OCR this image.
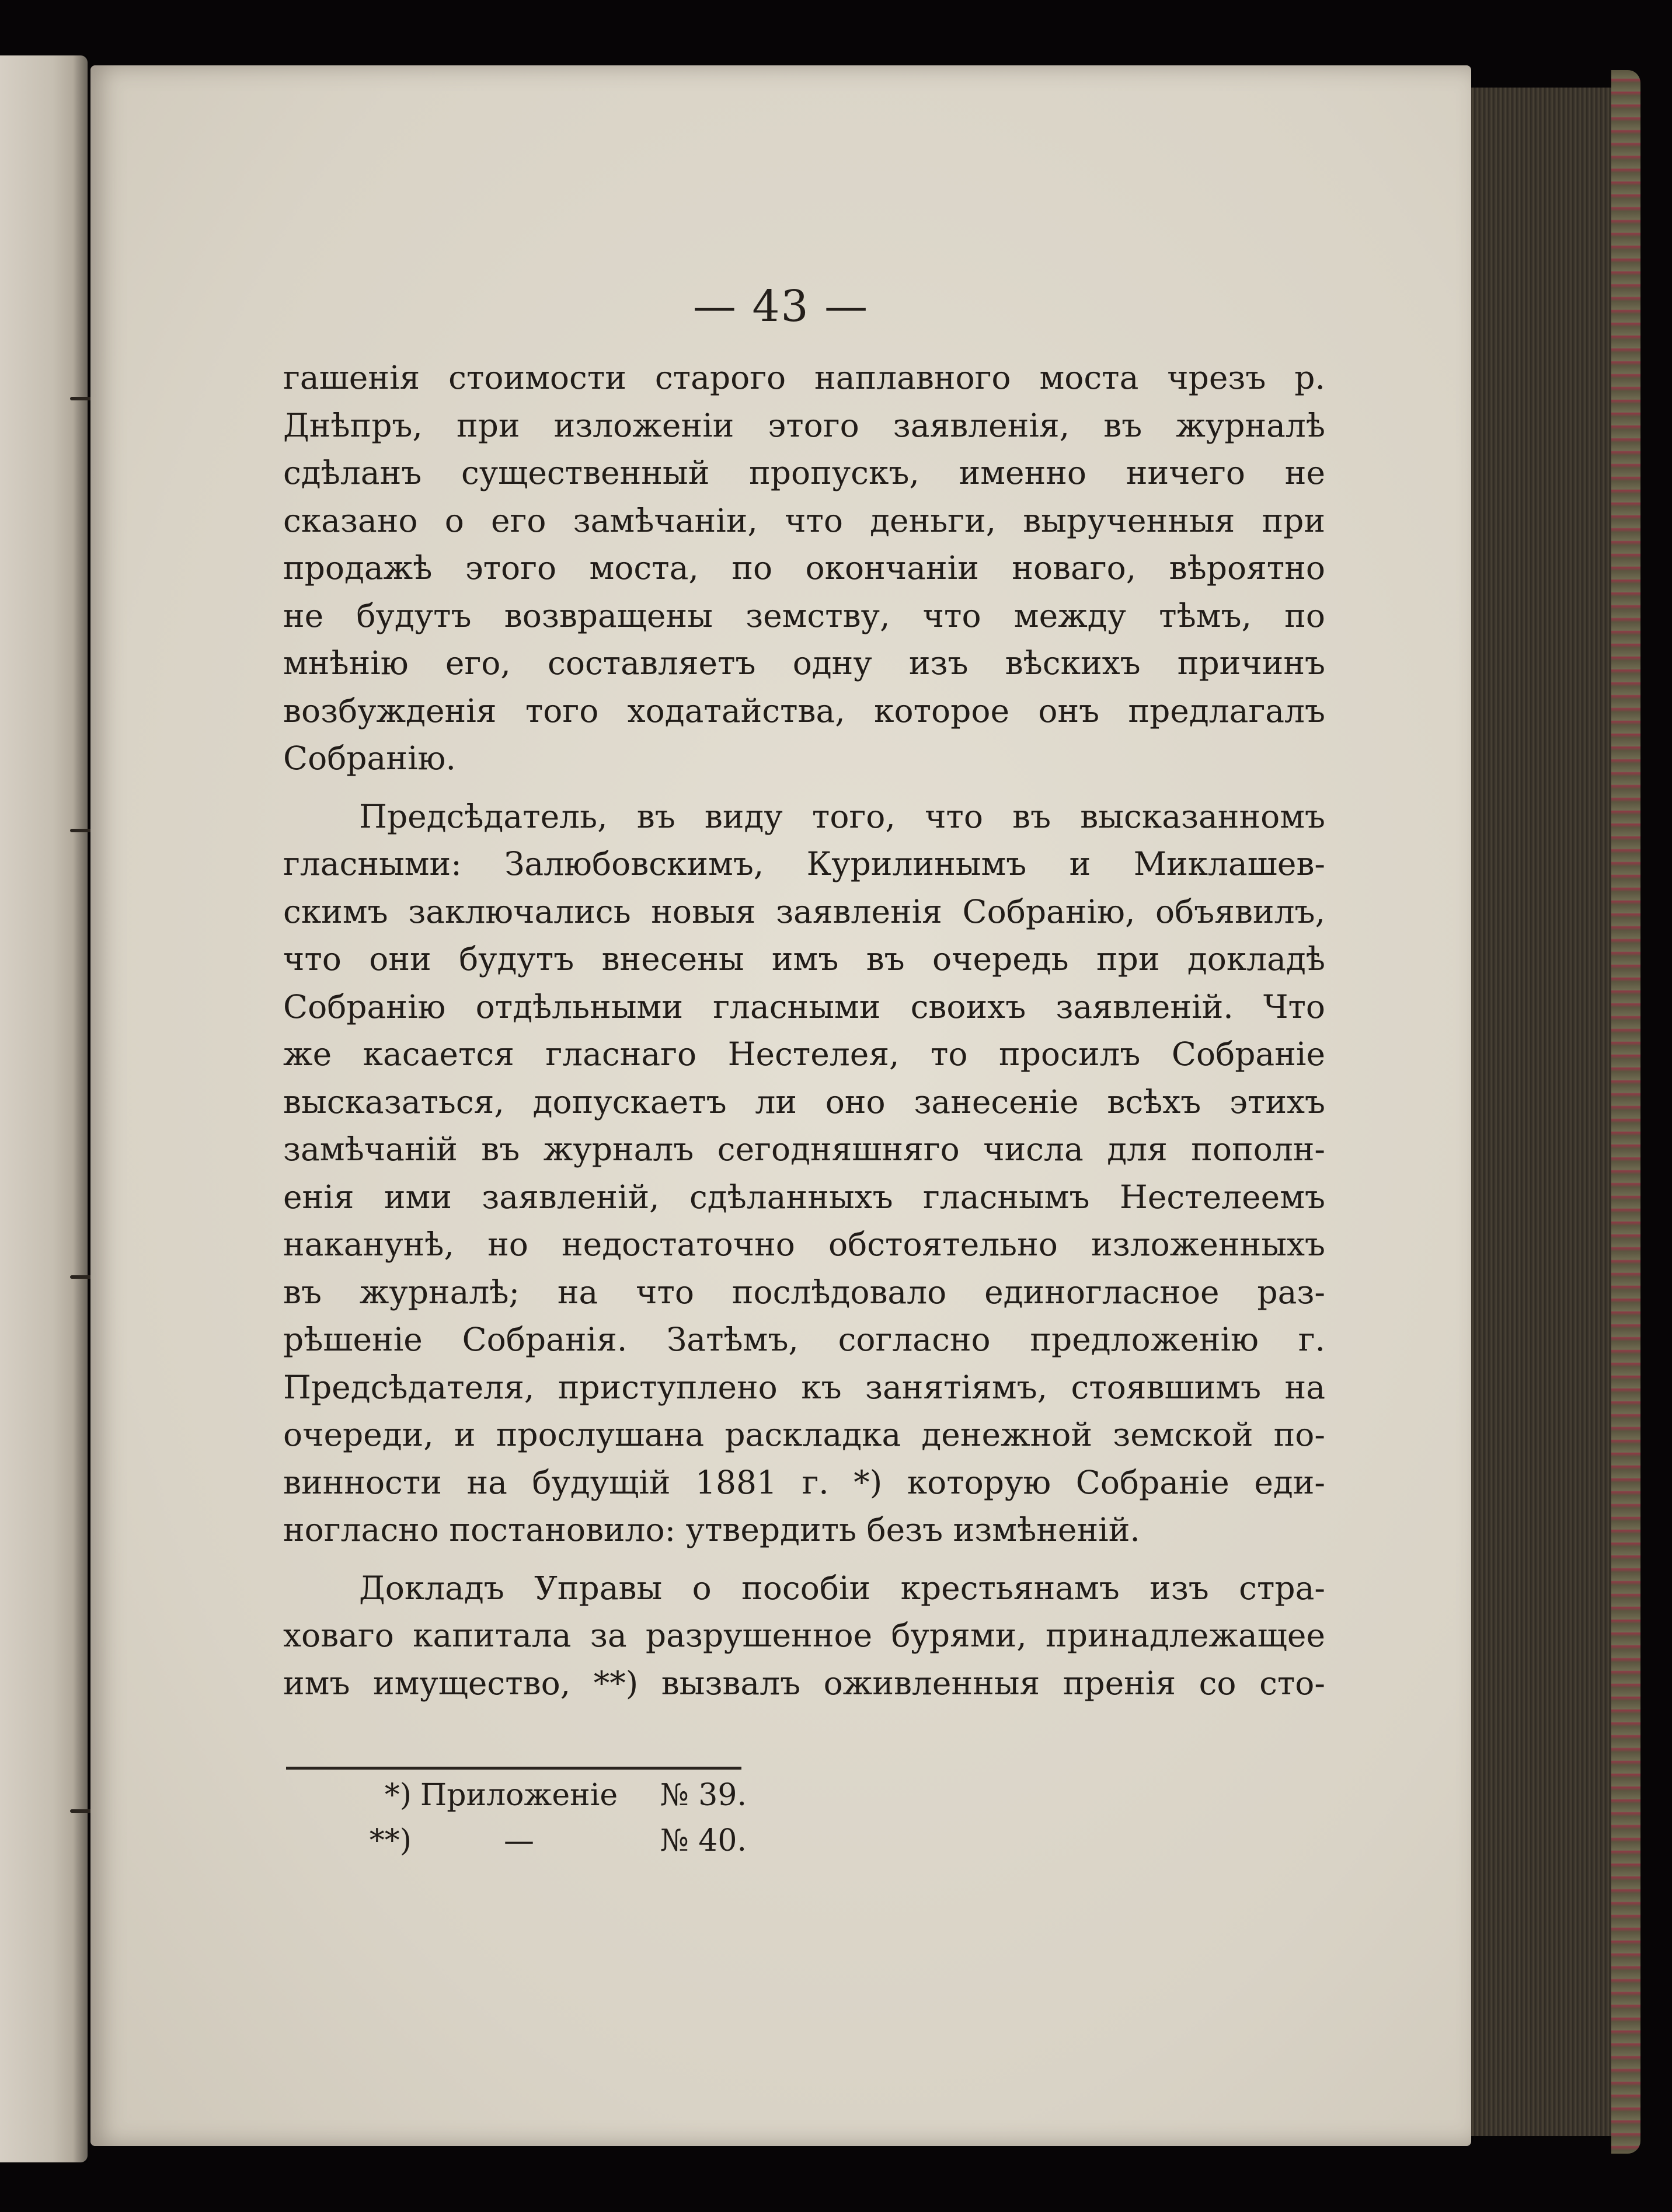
— 43 —

гашенія стоимости старого наплавного моста чрезъ р.
Днѣпръ, при изложеніи этого заявленія, въ журналѣ
сдѣланъ существенный пропускъ, именно ничего не
сказано о его замѣчаніи, что деньги, вырученныя при
продажѣ этого моста, по окончаніи новаго, вѣроятно
не будутъ возвращены земству, что между тѣмъ, по
мнѣнію его, составляетъ одну изъ вѣскихъ причинъ
возбужденія того ходатайства, которое онъ предлагалъ
Собранію.

Предсѣдатель, въ виду того, что въ высказанномъ
гласными: Залюбовскимъ, Курилинымъ и Миклашев-
скимъ заключались новыя заявленія Собранію, объявилъ,
что они будутъ внесены имъ въ очередь при докладѣ
Собранію отдѣльными гласными своихъ заявленій. Что
же касается гласнаго Нестелея, то просилъ Собраніе
высказаться, допускаетъ ли оно занесеніе всѣхъ этихъ
замѣчаній въ журналъ сегодняшняго числа для пополн-
енія ими заявленій, сдѣланныхъ гласнымъ Нестелеемъ
наканунѣ, но недостаточно обстоятельно изложенныхъ
въ журналѣ; на что послѣдовало единогласное раз-
рѣшеніе Собранія. Затѣмъ, согласно предложенію г.
Предсѣдателя, приступлено къ занятіямъ, стоявшимъ на
очереди, и прослушана раскладка денежной земской по-
винности на будущій 1881 г. *) которую Собраніе еди-
ногласно постановило: утвердить безъ измѣненій.

Докладъ Управы о пособіи крестьянамъ изъ стра-
ховаго капитала за разрушенное бурями, принадлежащее
имъ имущество, **) вызвалъ оживленныя пренія со сто-

*) Приложеніе	№ 39.
**)	—	№ 40.
